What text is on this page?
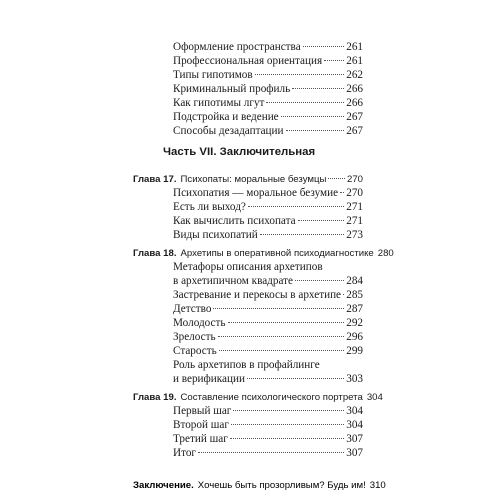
Оформление пространства	261
Профессиональная ориентация 261
Типы гипотимов	262
Криминальный профиль	266
Как гипотимы лгут	266
Подстройка и ведение	267
Способы дезадаптации	267
Часть VII. Заключительная
Глава 17. Психопаты: моральные безумцы 270
Психопатия — моральное безумие 270
Есть ли выход?	271
Как вычислить психопата	271
Виды психопатий	273
Глава 18. Архетипы в оперативной психодиагностике 280
Метафоры описания архетипов
в архетипичном квадрате	284
Застревание и перекосы в архетипе 285
Детство	287
Молодость	292
Зрелость	296
Старость	299
Роль архетипов в профайлинге
и верификации	303
Глава 19. Составление психологического портрета 304
Первый шаг	304
Второй шаг	304
Третий шаг	307
Итог	307
Заключение. Хочешь быть прозорливым? Будь им! 310
